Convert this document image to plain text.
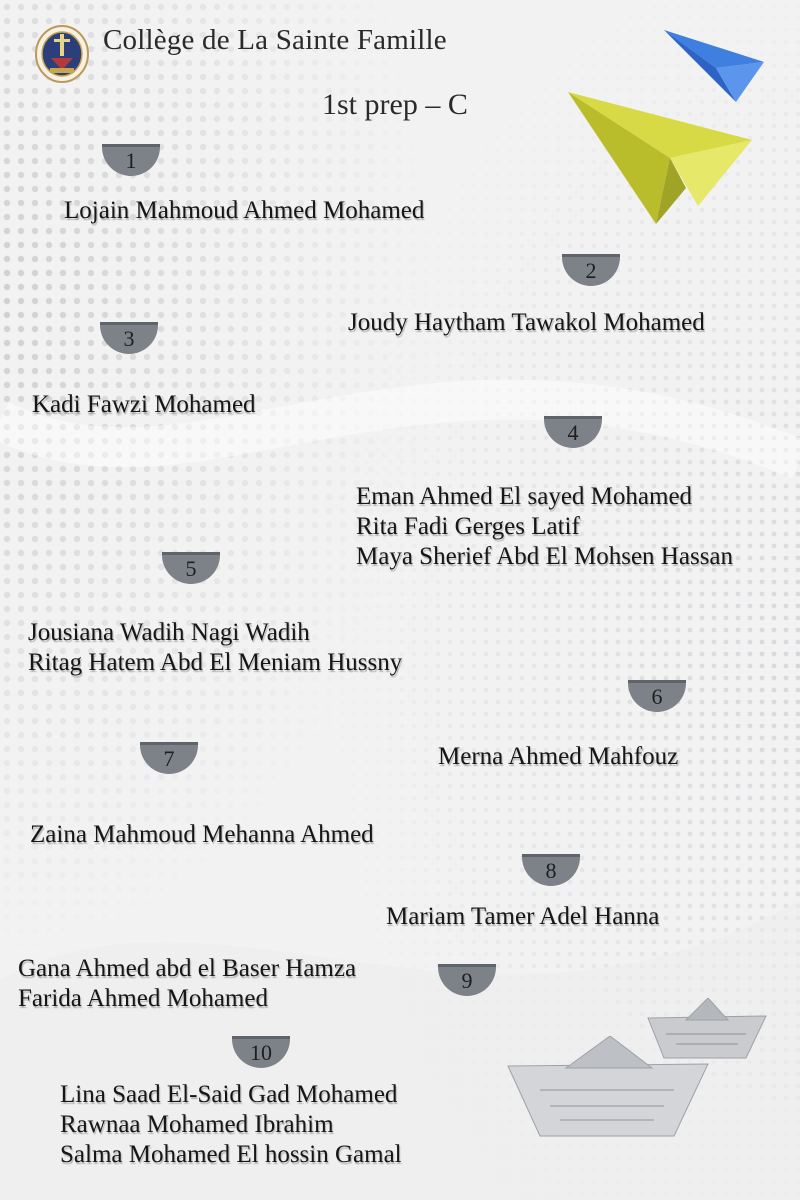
Collège de La Sainte Famille
1st prep – C
1
Lojain Mahmoud Ahmed Mohamed
2
Joudy Haytham Tawakol Mohamed
3
Kadi Fawzi Mohamed
4
Eman Ahmed El sayed Mohamed
Rita Fadi Gerges Latif
Maya Sherief Abd El Mohsen Hassan
5
Jousiana Wadih Nagi Wadih
Ritag Hatem Abd El Meniam Hussny
6
Merna Ahmed Mahfouz
7
Zaina Mahmoud Mehanna Ahmed
8
Mariam Tamer Adel Hanna
9
Gana Ahmed abd el Baser Hamza
Farida Ahmed Mohamed
10
Lina Saad El-Said Gad Mohamed
Rawnaa Mohamed Ibrahim
Salma Mohamed El hossin Gamal
